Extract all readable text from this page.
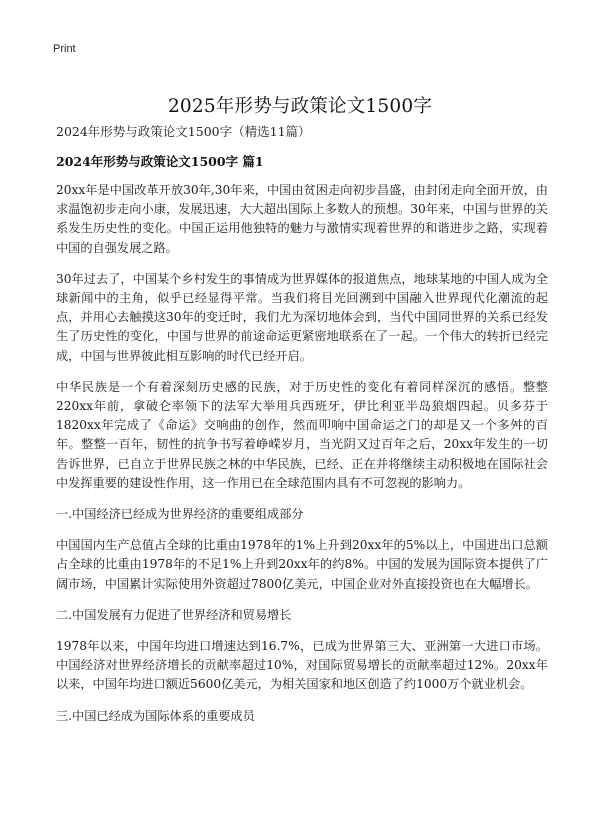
Print
2025年形势与政策论文1500字
2024年形势与政策论文1500字（精选11篇）
2024年形势与政策论文1500字 篇1

20xx年是中国改革开放30年,30年来，中国由贫困走向初步昌盛，由封闭走向全面开放，由求温饱初步走向小康，发展迅速，大大超出国际上多数人的预想。30年来，中国与世界的关系发生历史性的变化。中国正运用他独特的魅力与激情实现着世界的和谐进步之路，实现着中国的自强发展之路。

30年过去了，中国某个乡村发生的事情成为世界媒体的报道焦点，地球某地的中国人成为全球新闻中的主角，似乎已经显得平常。当我们将目光回溯到中国融入世界现代化潮流的起点，并用心去触摸这30年的变迁时，我们尤为深切地体会到，当代中国同世界的关系已经发生了历史性的变化，中国与世界的前途命运更紧密地联系在了一起。一个伟大的转折已经完成，中国与世界彼此相互影响的时代已经开启。

中华民族是一个有着深刻历史感的民族，对于历史性的变化有着同样深沉的感悟。整整220xx年前，拿破仑率领下的法军大举用兵西班牙，伊比利亚半岛狼烟四起。贝多芬于1820xx年完成了《命运》交响曲的创作，然而叩响中国命运之门的却是又一个多舛的百年。整整一百年，韧性的抗争书写着峥嵘岁月，当光阴又过百年之后，20xx年发生的一切告诉世界，已自立于世界民族之林的中华民族，已经、正在并将继续主动积极地在国际社会中发挥重要的建设性作用，这一作用已在全球范围内具有不可忽视的影响力。

一.中国经济已经成为世界经济的重要组成部分

中国国内生产总值占全球的比重由1978年的1%上升到20xx年的5%以上，中国进出口总额占全球的比重由1978年的不足1%上升到20xx年的约8%。中国的发展为国际资本提供了广阔市场，中国累计实际使用外资超过7800亿美元，中国企业对外直接投资也在大幅增长。

二.中国发展有力促进了世界经济和贸易增长

1978年以来，中国年均进口增速达到16.7%，已成为世界第三大、亚洲第一大进口市场。中国经济对世界经济增长的贡献率超过10%，对国际贸易增长的贡献率超过12%。20xx年以来，中国年均进口额近5600亿美元，为相关国家和地区创造了约1000万个就业机会。

三.中国已经成为国际体系的重要成员
